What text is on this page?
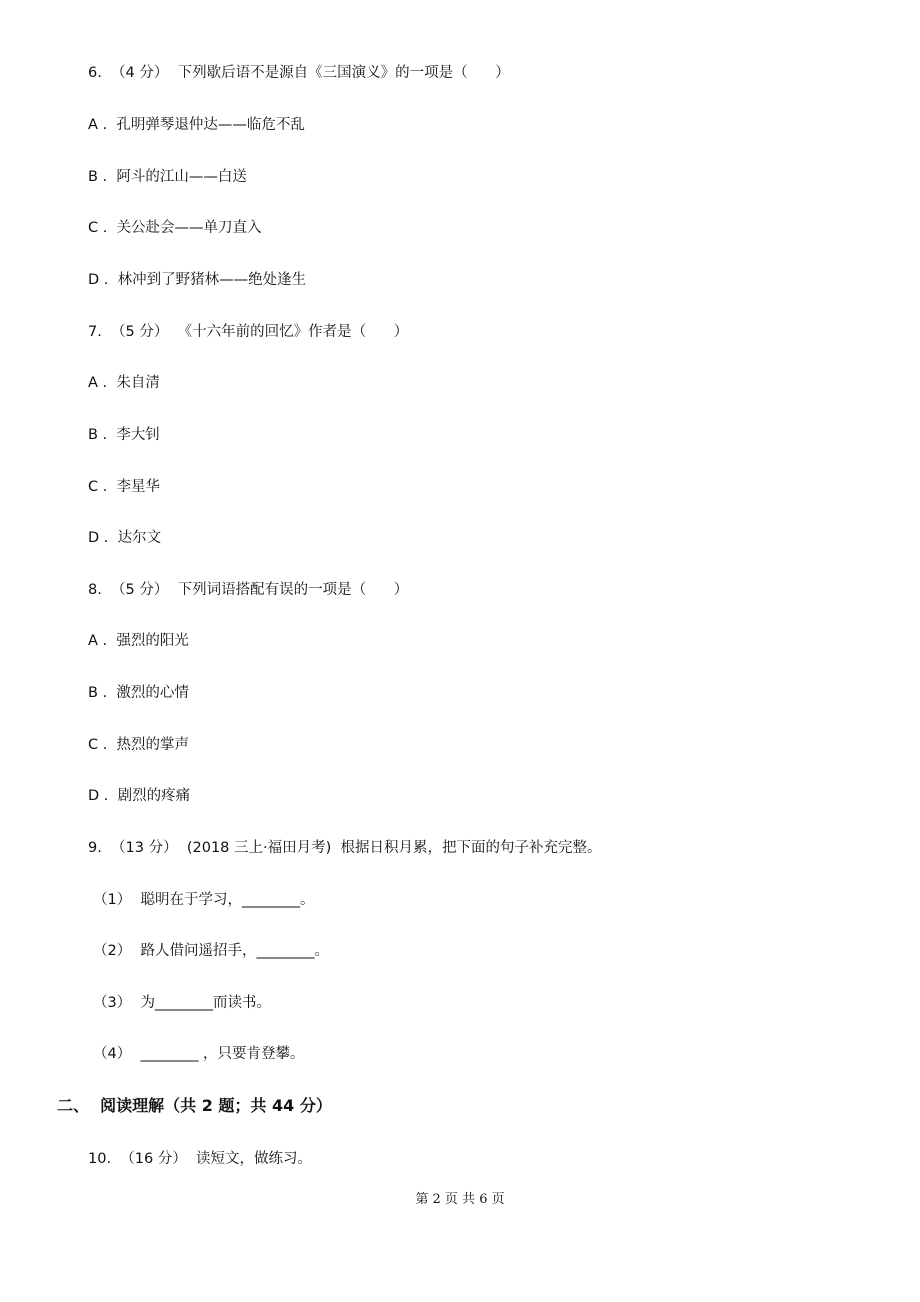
6.  （4 分）  下列歇后语不是源自《三国演义》的一项是（      ）
A .  孔明弹琴退仲达——临危不乱
B .  阿斗的江山——白送
C .  关公赴会——单刀直入
D .  林冲到了野猪林——绝处逢生
7.  （5 分）  《十六年前的回忆》作者是（      ）
A .  朱自清
B .  李大钊
C .  李星华
D .  达尔文
8.  （5 分）  下列词语搭配有误的一项是（      ）
A .  强烈的阳光
B .  激烈的心情
C .  热烈的掌声
D .  剧烈的疼痛
9.  （13 分）  (2018 三上·福田月考)  根据日积月累，把下面的句子补充完整。
（1）  聪明在于学习，________。
（2）  路人借问遥招手，________。
（3）  为________而读书。
（4）  ________ ，只要肯登攀。
二、  阅读理解（共 2 题；共 44 分）
10.  （16 分）  读短文，做练习。
第 2 页 共 6 页
